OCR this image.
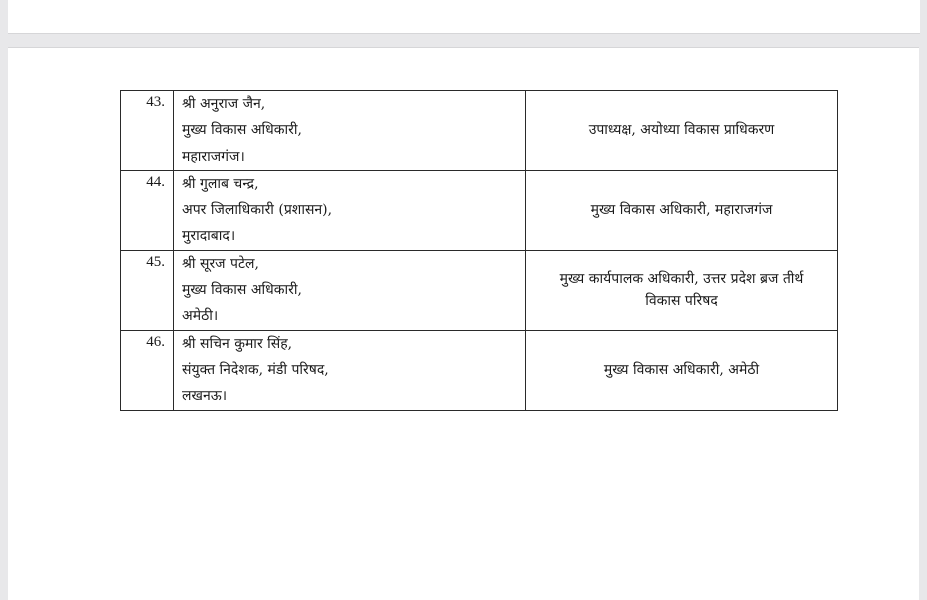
43.	श्री अनुराज जैन,
मुख्य विकास अधिकारी,
महाराजगंज।	उपाध्यक्ष, अयोध्या विकास प्राधिकरण

44.	श्री गुलाब चन्द्र,
अपर जिलाधिकारी (प्रशासन),
मुरादाबाद।	मुख्य विकास अधिकारी, महाराजगंज

45.	श्री सूरज पटेल,
मुख्य विकास अधिकारी,
अमेठी।	मुख्य कार्यपालक अधिकारी, उत्तर प्रदेश ब्रज तीर्थ
विकास परिषद

46.	श्री सचिन कुमार सिंह,
संयुक्त निदेशक, मंडी परिषद,
लखनऊ।	मुख्य विकास अधिकारी, अमेठी
